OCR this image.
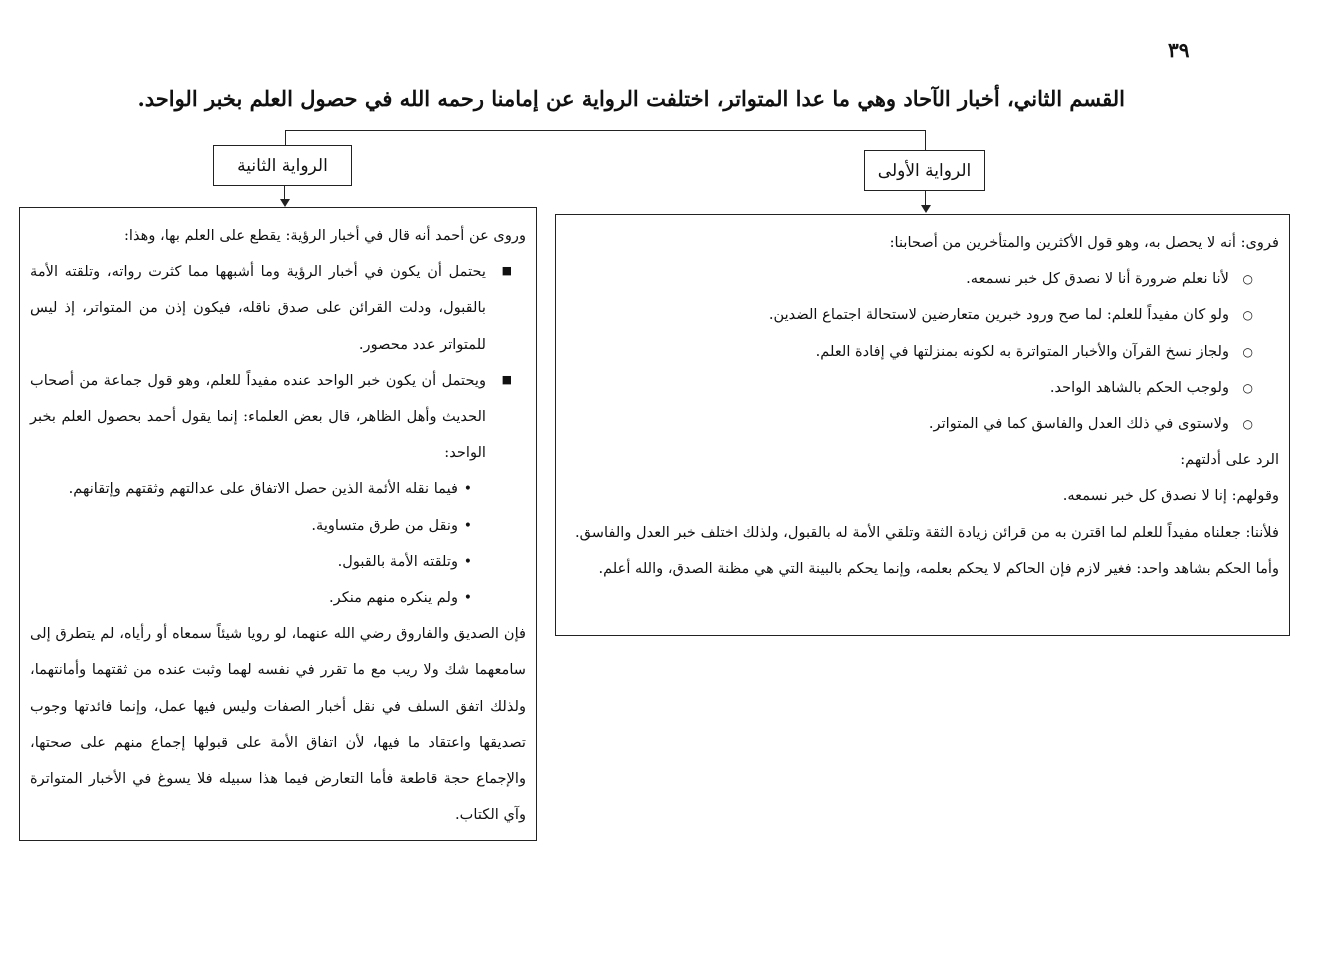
٣٩
القسم الثاني، أخبار الآحاد وهي ما عدا المتواتر، اختلفت الرواية عن إمامنا رحمه الله في حصول العلم بخبر الواحد.
الرواية الثانية	الرواية الأولى

فروى: أنه لا يحصل به، وهو قول الأكثرين والمتأخرين من أصحابنا:

○
لأنا نعلم ضرورة أنا لا نصدق كل خبر نسمعه.

○
ولو كان مفيداً للعلم: لما صح ورود خبرين متعارضين لاستحالة اجتماع الضدين.

○
ولجاز نسخ القرآن والأخبار المتواترة به لكونه بمنزلتها في إفادة العلم.

○
ولوجب الحكم بالشاهد الواحد.

○
ولاستوى في ذلك العدل والفاسق كما في المتواتر.

الرد على أدلتهم:

وقولهم: إنا لا نصدق كل خبر نسمعه.

فلأننا: جعلناه مفيداً للعلم لما اقترن به من قرائن زيادة الثقة وتلقي الأمة له بالقبول، ولذلك اختلف خبر العدل والفاسق.

وأما الحكم بشاهد واحد: فغير لازم فإن الحاكم لا يحكم بعلمه، وإنما يحكم بالبينة التي هي مظنة الصدق، والله أعلم.

وروى عن أحمد أنه قال في أخبار الرؤية: يقطع على العلم بها، وهذا:

■
يحتمل أن يكون في أخبار الرؤية وما أشبهها مما كثرت رواته، وتلقته الأمة بالقبول، ودلت القرائن على صدق ناقله، فيكون إذن من المتواتر، إذ ليس للمتواتر عدد محصور.

■
ويحتمل أن يكون خبر الواحد عنده مفيداً للعلم، وهو قول جماعة من أصحاب الحديث وأهل الظاهر، قال بعض العلماء: إنما يقول أحمد بحصول العلم بخبر الواحد:

•
فيما نقله الأئمة الذين حصل الاتفاق على عدالتهم وثقتهم وإتقانهم.

•
ونقل من طرق متساوية.

•
وتلقته الأمة بالقبول.

•
ولم ينكره منهم منكر.

فإن الصديق والفاروق رضي الله عنهما، لو رويا شيئاً سمعاه أو رأياه، لم يتطرق إلى سامعهما شك ولا ريب مع ما تقرر في نفسه لهما وثبت عنده من ثقتهما وأمانتهما، ولذلك اتفق السلف في نقل أخبار الصفات وليس فيها عمل، وإنما فائدتها وجوب تصديقها واعتقاد ما فيها، لأن اتفاق الأمة على قبولها إجماع منهم على صحتها، والإجماع حجة قاطعة فأما التعارض فيما هذا سبيله فلا يسوغ في الأخبار المتواترة وآي الكتاب.
